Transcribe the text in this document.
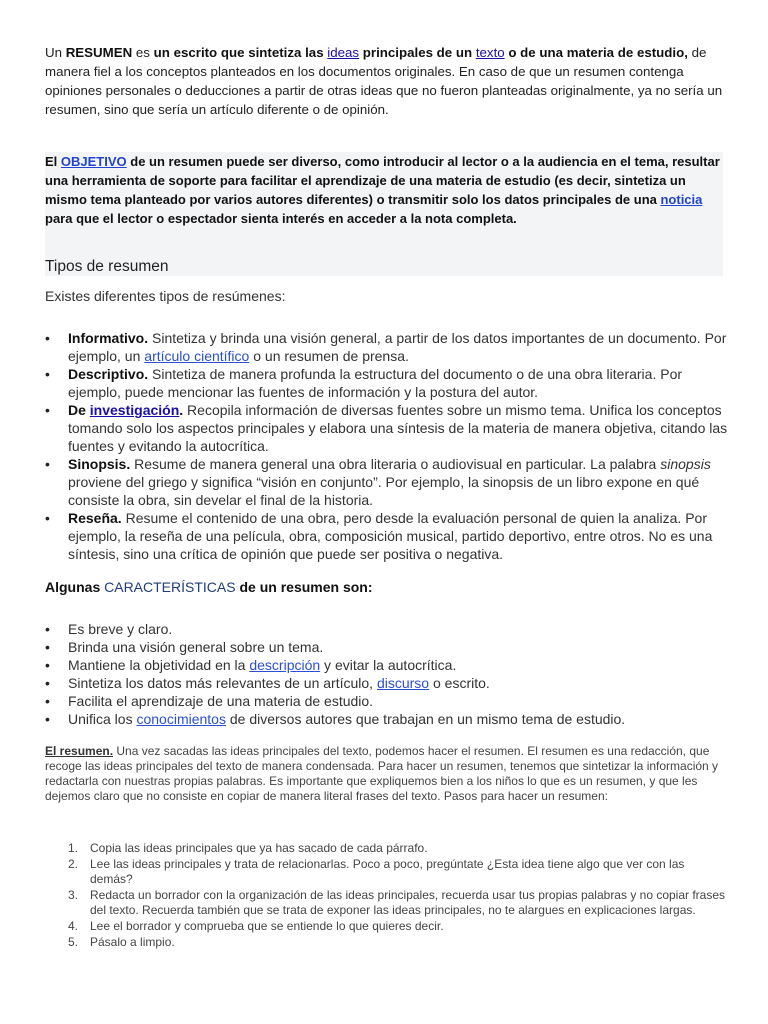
Un RESUMEN es un escrito que sintetiza las ideas principales de un texto o de una materia de estudio, de manera fiel a los conceptos planteados en los documentos originales. En caso de que un resumen contenga opiniones personales o deducciones a partir de otras ideas que no fueron planteadas originalmente, ya no sería un resumen, sino que sería un artículo diferente o de opinión.
El OBJETIVO de un resumen puede ser diverso, como introducir al lector o a la audiencia en el tema, resultar una herramienta de soporte para facilitar el aprendizaje de una materia de estudio (es decir, sintetiza un mismo tema planteado por varios autores diferentes) o transmitir solo los datos principales de una noticia para que el lector o espectador sienta interés en acceder a la nota completa.
Tipos de resumen
Existes diferentes tipos de resúmenes:
• Informativo. Sintetiza y brinda una visión general, a partir de los datos importantes de un documento. Por ejemplo, un artículo científico o un resumen de prensa.
• Descriptivo. Sintetiza de manera profunda la estructura del documento o de una obra literaria. Por ejemplo, puede mencionar las fuentes de información y la postura del autor.
• De investigación. Recopila información de diversas fuentes sobre un mismo tema. Unifica los conceptos tomando solo los aspectos principales y elabora una síntesis de la materia de manera objetiva, citando las fuentes y evitando la autocrítica.
• Sinopsis. Resume de manera general una obra literaria o audiovisual en particular. La palabra sinopsis proviene del griego y significa “visión en conjunto”. Por ejemplo, la sinopsis de un libro expone en qué consiste la obra, sin develar el final de la historia.
• Reseña. Resume el contenido de una obra, pero desde la evaluación personal de quien la analiza. Por ejemplo, la reseña de una película, obra, composición musical, partido deportivo, entre otros. No es una síntesis, sino una crítica de opinión que puede ser positiva o negativa.
Algunas CARACTERÍSTICAS de un resumen son:
• Es breve y claro.
• Brinda una visión general sobre un tema.
• Mantiene la objetividad en la descripción y evitar la autocrítica.
• Sintetiza los datos más relevantes de un artículo, discurso o escrito.
• Facilita el aprendizaje de una materia de estudio.
• Unifica los conocimientos de diversos autores que trabajan en un mismo tema de estudio.
El resumen. Una vez sacadas las ideas principales del texto, podemos hacer el resumen. El resumen es una redacción, que recoge las ideas principales del texto de manera condensada. Para hacer un resumen, tenemos que sintetizar la información y redactarla con nuestras propias palabras. Es importante que expliquemos bien a los niños lo que es un resumen, y que les dejemos claro que no consiste en copiar de manera literal frases del texto. Pasos para hacer un resumen:
1. Copia las ideas principales que ya has sacado de cada párrafo.
2. Lee las ideas principales y trata de relacionarlas. Poco a poco, pregúntate ¿Esta idea tiene algo que ver con las demás?
3. Redacta un borrador con la organización de las ideas principales, recuerda usar tus propias palabras y no copiar frases del texto. Recuerda también que se trata de exponer las ideas principales, no te alargues en explicaciones largas.
4. Lee el borrador y comprueba que se entiende lo que quieres decir.
5. Pásalo a limpio.
